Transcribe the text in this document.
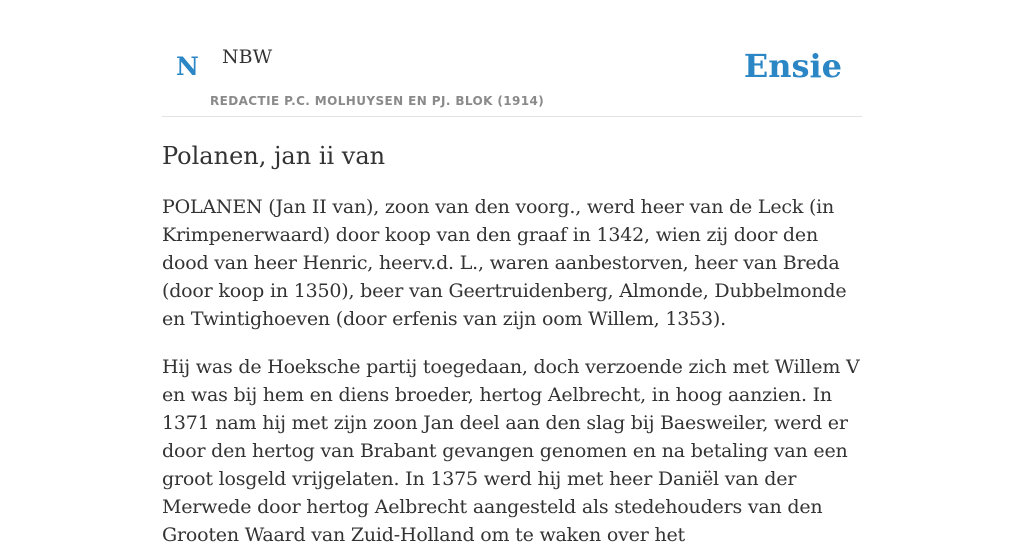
N NBW
REDACTIE P.C. MOLHUYSEN EN PJ. BLOK (1914)
Ensie
Polanen, jan ii van

POLANEN (Jan II van), zoon van den voorg., werd heer van de Leck (in Krimpenerwaard) door koop van den graaf in 1342, wien zij door den dood van heer Henric, heerv.d. L., waren aanbestorven, heer van Breda (door koop in 1350), beer van Geertruidenberg, Almonde, Dubbelmonde en Twintighoeven (door erfenis van zijn oom Willem, 1353).

Hij was de Hoeksche partij toegedaan, doch verzoende zich met Willem V en was bij hem en diens broeder, hertog Aelbrecht, in hoog aanzien. In 1371 nam hij met zijn zoon Jan deel aan den slag bij Baesweiler, werd er door den hertog van Brabant gevangen genomen en na betaling van een groot losgeld vrijgelaten. In 1375 werd hij met heer Daniël van der Merwede door hertog Aelbrecht aangesteld als stedehouders van den Grooten Waard van Zuid-Holland om te waken over het
